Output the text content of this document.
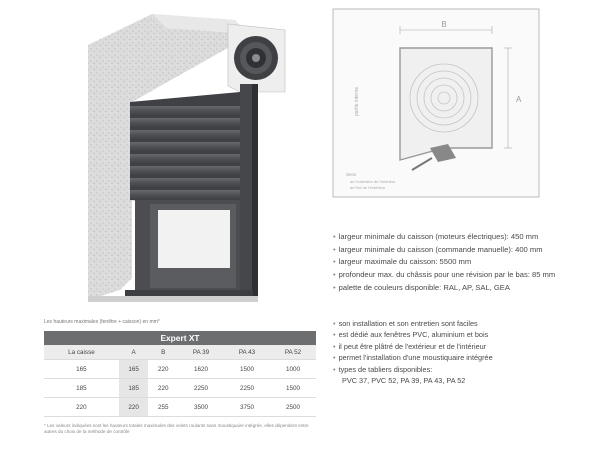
B
A
partie interne
Sens
de l'extérieur de l'intérieur
de l'int de l'extérieur
• largeur minimale du caisson (moteurs électriques): 450 mm
• largeur minimale du caisson (commande manuelle): 400 mm
• largeur maximale du caisson: 5500 mm
• profondeur max. du châssis pour une révision par le bas: 85 mm
• palette de couleurs disponible: RAL, AP, SAL, GEA
• son installation et son entretien sont faciles
• est dédié aux fenêtres PVC, aluminium et bois
• il peut être plâtré de l'extérieur et de l'intérieur
• permet l'installation d'une moustiquaire intégrée
• types de tabliers disponibles:
PVC 37, PVC 52, PA 39, PA 43, PA 52
Les hauteurs maximales (fenêtre + caisson) en mm*
Expert XT					
La caisse	A	B	PA 39	PA 43	PA 52
165	165	220	1620	1500	1000
185	185	220	2250	2250	1500
220	220	255	3500	3750	2500
* Les valeurs indiquées sont les hauteurs totales maximales des volets roulants sans moustiquaire intégrée, elles dépendent entre autres du choix de la méthode de contrôle
